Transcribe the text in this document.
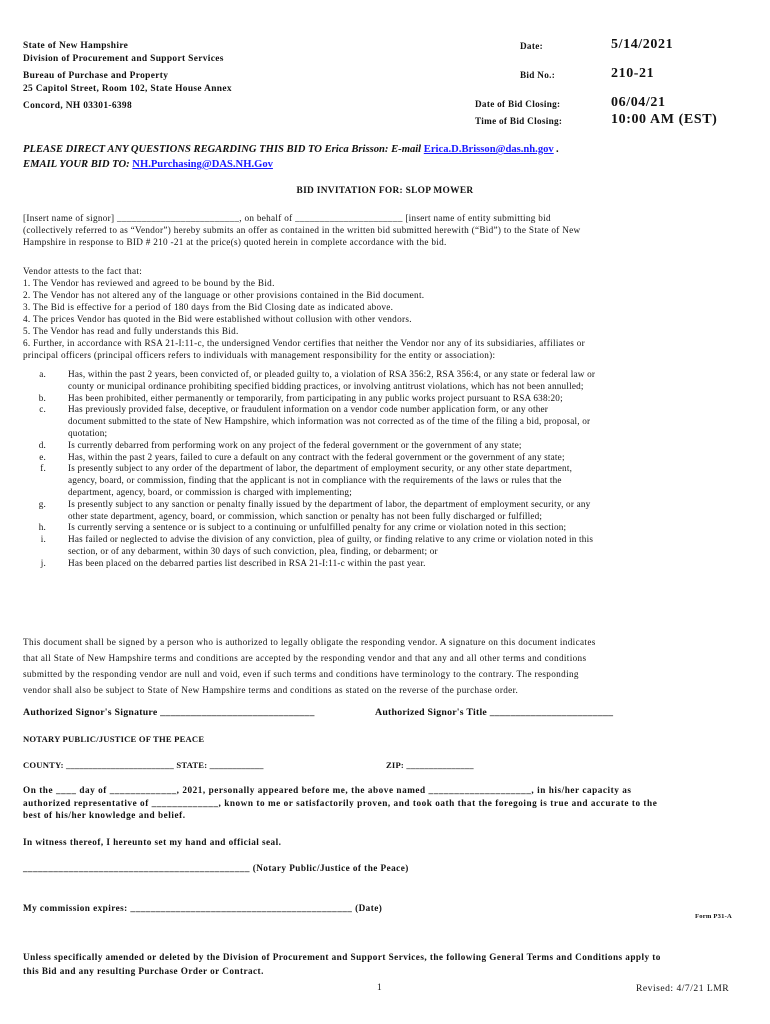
State of New Hampshire
Division of Procurement and Support Services
Bureau of Purchase and Property
25 Capitol Street, Room 102, State House Annex
Concord, NH 03301-6398
Date:	5/14/2021
Bid No.:	210-21
Date of Bid Closing:	06/04/21
Time of Bid Closing:	10:00 AM (EST)
PLEASE DIRECT ANY QUESTIONS REGARDING THIS BID TO Erica Brisson: E-mail Erica.D.Brisson@das.nh.gov .
EMAIL YOUR BID TO: NH.Purchasing@DAS.NH.Gov
BID INVITATION FOR: SLOP MOWER
[Insert name of signor] _________________________, on behalf of ______________________ [insert name of entity submitting bid
(collectively referred to as “Vendor”) hereby submits an offer as contained in the written bid submitted herewith (“Bid”) to the State of New
Hampshire in response to BID # 210 -21 at the price(s) quoted herein in complete accordance with the bid.
Vendor attests to the fact that:
1. The Vendor has reviewed and agreed to be bound by the Bid.
2. The Vendor has not altered any of the language or other provisions contained in the Bid document.
3. The Bid is effective for a period of 180 days from the Bid Closing date as indicated above.
4. The prices Vendor has quoted in the Bid were established without collusion with other vendors.
5. The Vendor has read and fully understands this Bid.
6. Further, in accordance with RSA 21-I:11-c, the undersigned Vendor certifies that neither the Vendor nor any of its subsidiaries, affiliates or
principal officers (principal officers refers to individuals with management responsibility for the entity or association):
a.	Has, within the past 2 years, been convicted of, or pleaded guilty to, a violation of RSA 356:2, RSA 356:4, or any state or federal law or
county or municipal ordinance prohibiting specified bidding practices, or involving antitrust violations, which has not been annulled;
b.	Has been prohibited, either permanently or temporarily, from participating in any public works project pursuant to RSA 638:20;
c.	Has previously provided false, deceptive, or fraudulent information on a vendor code number application form, or any other
document submitted to the state of New Hampshire, which information was not corrected as of the time of the filing a bid, proposal, or
quotation;
d.	Is currently debarred from performing work on any project of the federal government or the government of any state;
e.	Has, within the past 2 years, failed to cure a default on any contract with the federal government or the government of any state;
f.	Is presently subject to any order of the department of labor, the department of employment security, or any other state department,
agency, board, or commission, finding that the applicant is not in compliance with the requirements of the laws or rules that the
department, agency, board, or commission is charged with implementing;
g.	Is presently subject to any sanction or penalty finally issued by the department of labor, the department of employment security, or any
other state department, agency, board, or commission, which sanction or penalty has not been fully discharged or fulfilled;
h.	Is currently serving a sentence or is subject to a continuing or unfulfilled penalty for any crime or violation noted in this section;
i.	Has failed or neglected to advise the division of any conviction, plea of guilty, or finding relative to any crime or violation noted in this
section, or of any debarment, within 30 days of such conviction, plea, finding, or debarment; or
j.	Has been placed on the debarred parties list described in RSA 21-I:11-c within the past year.
This document shall be signed by a person who is authorized to legally obligate the responding vendor. A signature on this document indicates
that all State of New Hampshire terms and conditions are accepted by the responding vendor and that any and all other terms and conditions
submitted by the responding vendor are null and void, even if such terms and conditions have terminology to the contrary. The responding
vendor shall also be subject to State of New Hampshire terms and conditions as stated on the reverse of the purchase order.
Authorized Signor's Signature ______________________________	Authorized Signor's Title ________________________
NOTARY PUBLIC/JUSTICE OF THE PEACE
COUNTY: ________________________ STATE: ____________	ZIP: _______________
On the ____ day of _____________, 2021, personally appeared before me, the above named ____________________, in his/her capacity as
authorized representative of _____________, known to me or satisfactorily proven, and took oath that the foregoing is true and accurate to the
best of his/her knowledge and belief.
In witness thereof, I hereunto set my hand and official seal.
_____________________________________________ (Notary Public/Justice of the Peace)
My commission expires: ____________________________________________ (Date)
Form P31-A
Unless specifically amended or deleted by the Division of Procurement and Support Services, the following General Terms and Conditions apply to
this Bid and any resulting Purchase Order or Contract.
1	Revised: 4/7/21 LMR
